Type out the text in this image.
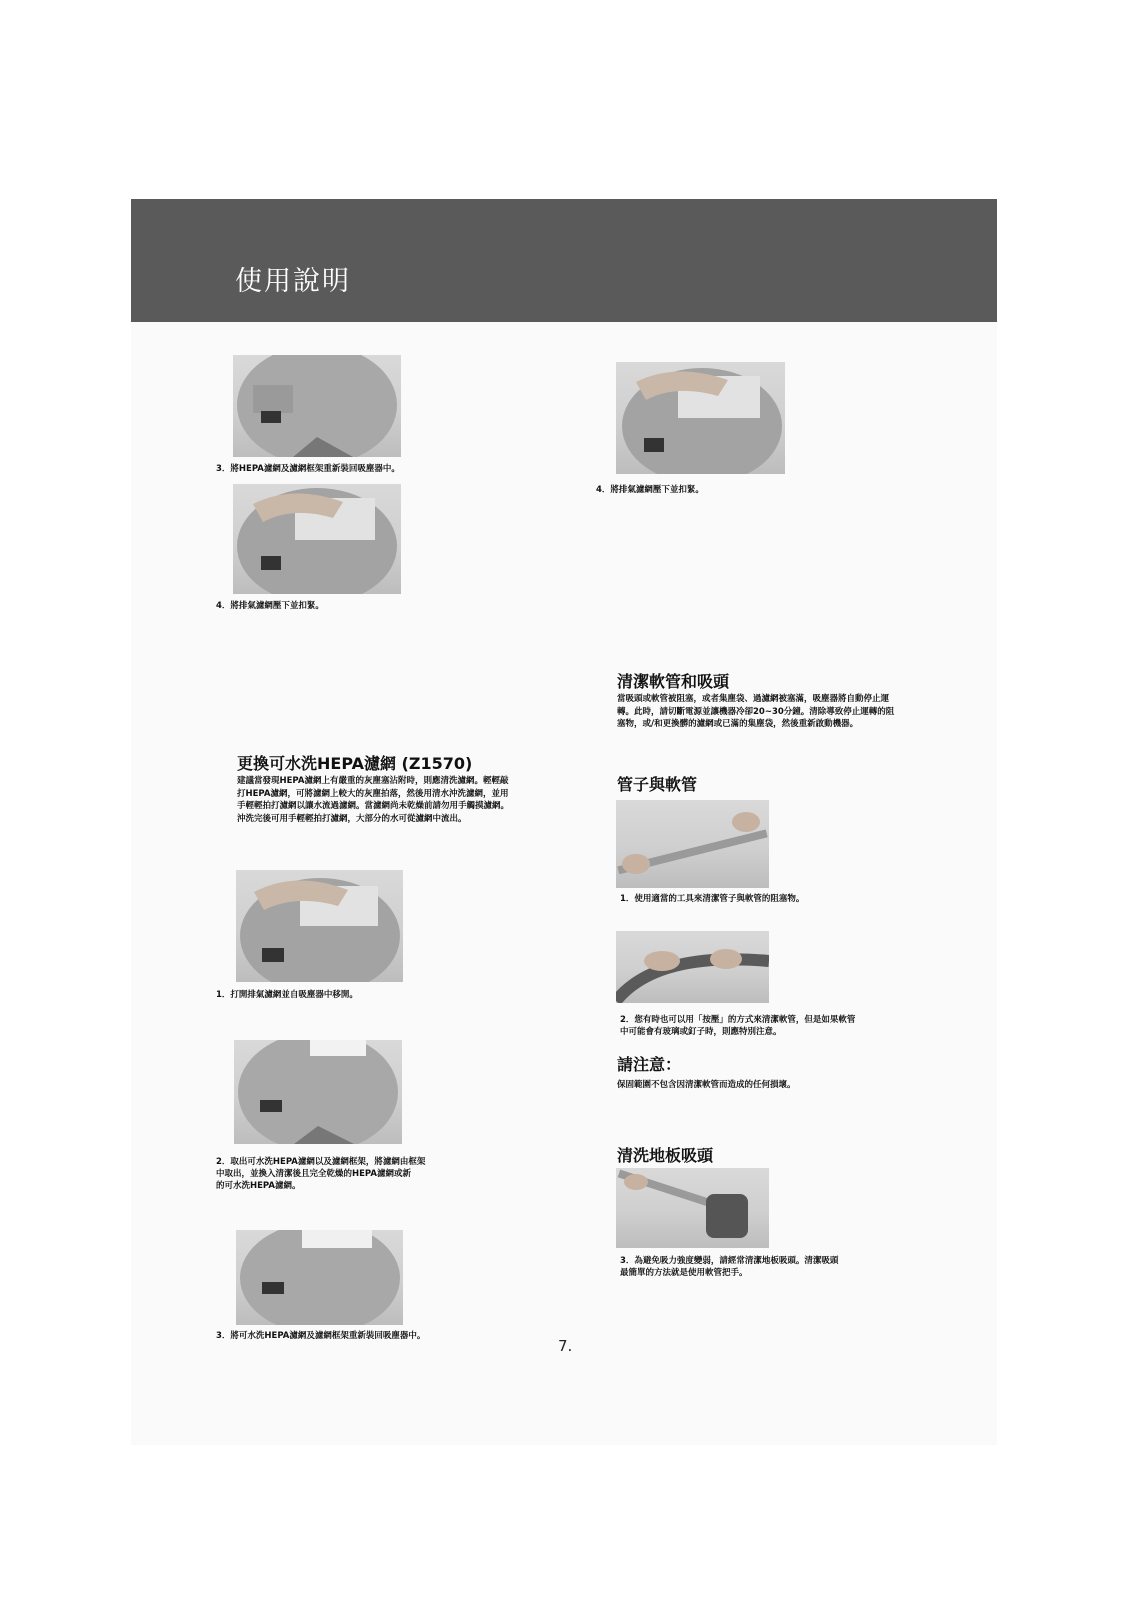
使用說明
3．將HEPA濾網及濾網框架重新裝回吸塵器中。
4．將排氣濾網壓下並扣緊。
更換可水洗HEPA濾網 (Z1570)
建議當發現HEPA濾網上有嚴重的灰塵塞沾附時，則應清洗濾網。輕輕敲打HEPA濾網，可將濾網上較大的灰塵拍落，然後用清水沖洗濾網，並用手輕輕拍打濾網以讓水流過濾網。當濾網尚未乾燥前請勿用手觸摸濾網。沖洗完後可用手輕輕拍打濾網，大部分的水可從濾網中流出。
1．打開排氣濾網並自吸塵器中移開。
2．取出可水洗HEPA濾網以及濾網框架，將濾網由框架
中取出，並換入清潔後且完全乾燥的HEPA濾網或新
的可水洗HEPA濾網。
3．將可水洗HEPA濾網及濾網框架重新裝回吸塵器中。
4．將排氣濾網壓下並扣緊。
清潔軟管和吸頭
當吸頭或軟管被阻塞，或者集塵袋、過濾網被塞滿，吸塵器將自動停止運轉。此時，請切斷電源並讓機器冷卻20~30分鐘。清除導致停止運轉的阻塞物，或/和更換髒的濾網或已滿的集塵袋，然後重新啟動機器。
管子與軟管
1．使用適當的工具來清潔管子與軟管的阻塞物。
2．您有時也可以用「按壓」的方式來清潔軟管，但是如果軟管
中可能會有玻璃或釘子時，則應特別注意。
請注意：
保固範圍不包含因清潔軟管而造成的任何損壞。
清洗地板吸頭
3．為避免吸力強度變弱，請經常清潔地板吸頭。清潔吸頭
最簡單的方法就是使用軟管把手。
7.
